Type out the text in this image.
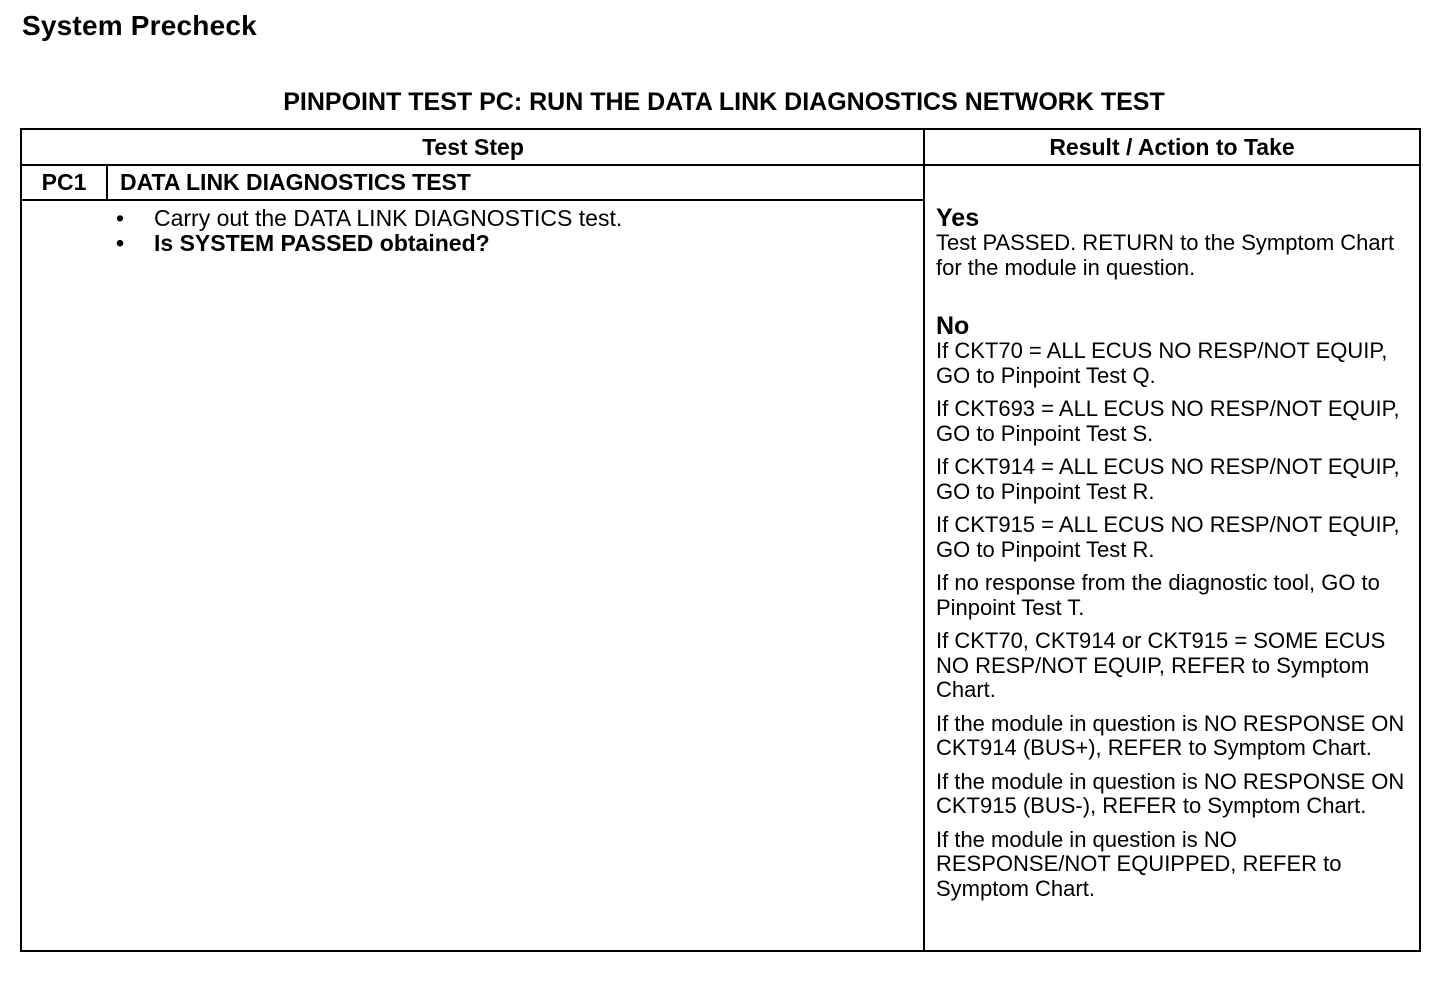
System Precheck
PINPOINT TEST PC: RUN THE DATA LINK DIAGNOSTICS NETWORK TEST
Test Step	Result / Action to Take
PC1	DATA LINK DIAGNOSTICS TEST
• Carry out the DATA LINK DIAGNOSTICS test.
• Is SYSTEM PASSED obtained?
Yes
Test PASSED. RETURN to the Symptom Chart for the module in question.
No
If CKT70 = ALL ECUS NO RESP/NOT EQUIP, GO to Pinpoint Test Q.
If CKT693 = ALL ECUS NO RESP/NOT EQUIP, GO to Pinpoint Test S.
If CKT914 = ALL ECUS NO RESP/NOT EQUIP, GO to Pinpoint Test R.
If CKT915 = ALL ECUS NO RESP/NOT EQUIP, GO to Pinpoint Test R.
If no response from the diagnostic tool, GO to Pinpoint Test T.
If CKT70, CKT914 or CKT915 = SOME ECUS NO RESP/NOT EQUIP, REFER to Symptom Chart.
If the module in question is NO RESPONSE ON CKT914 (BUS+), REFER to Symptom Chart.
If the module in question is NO RESPONSE ON CKT915 (BUS-), REFER to Symptom Chart.
If the module in question is NO RESPONSE/NOT EQUIPPED, REFER to Symptom Chart.
